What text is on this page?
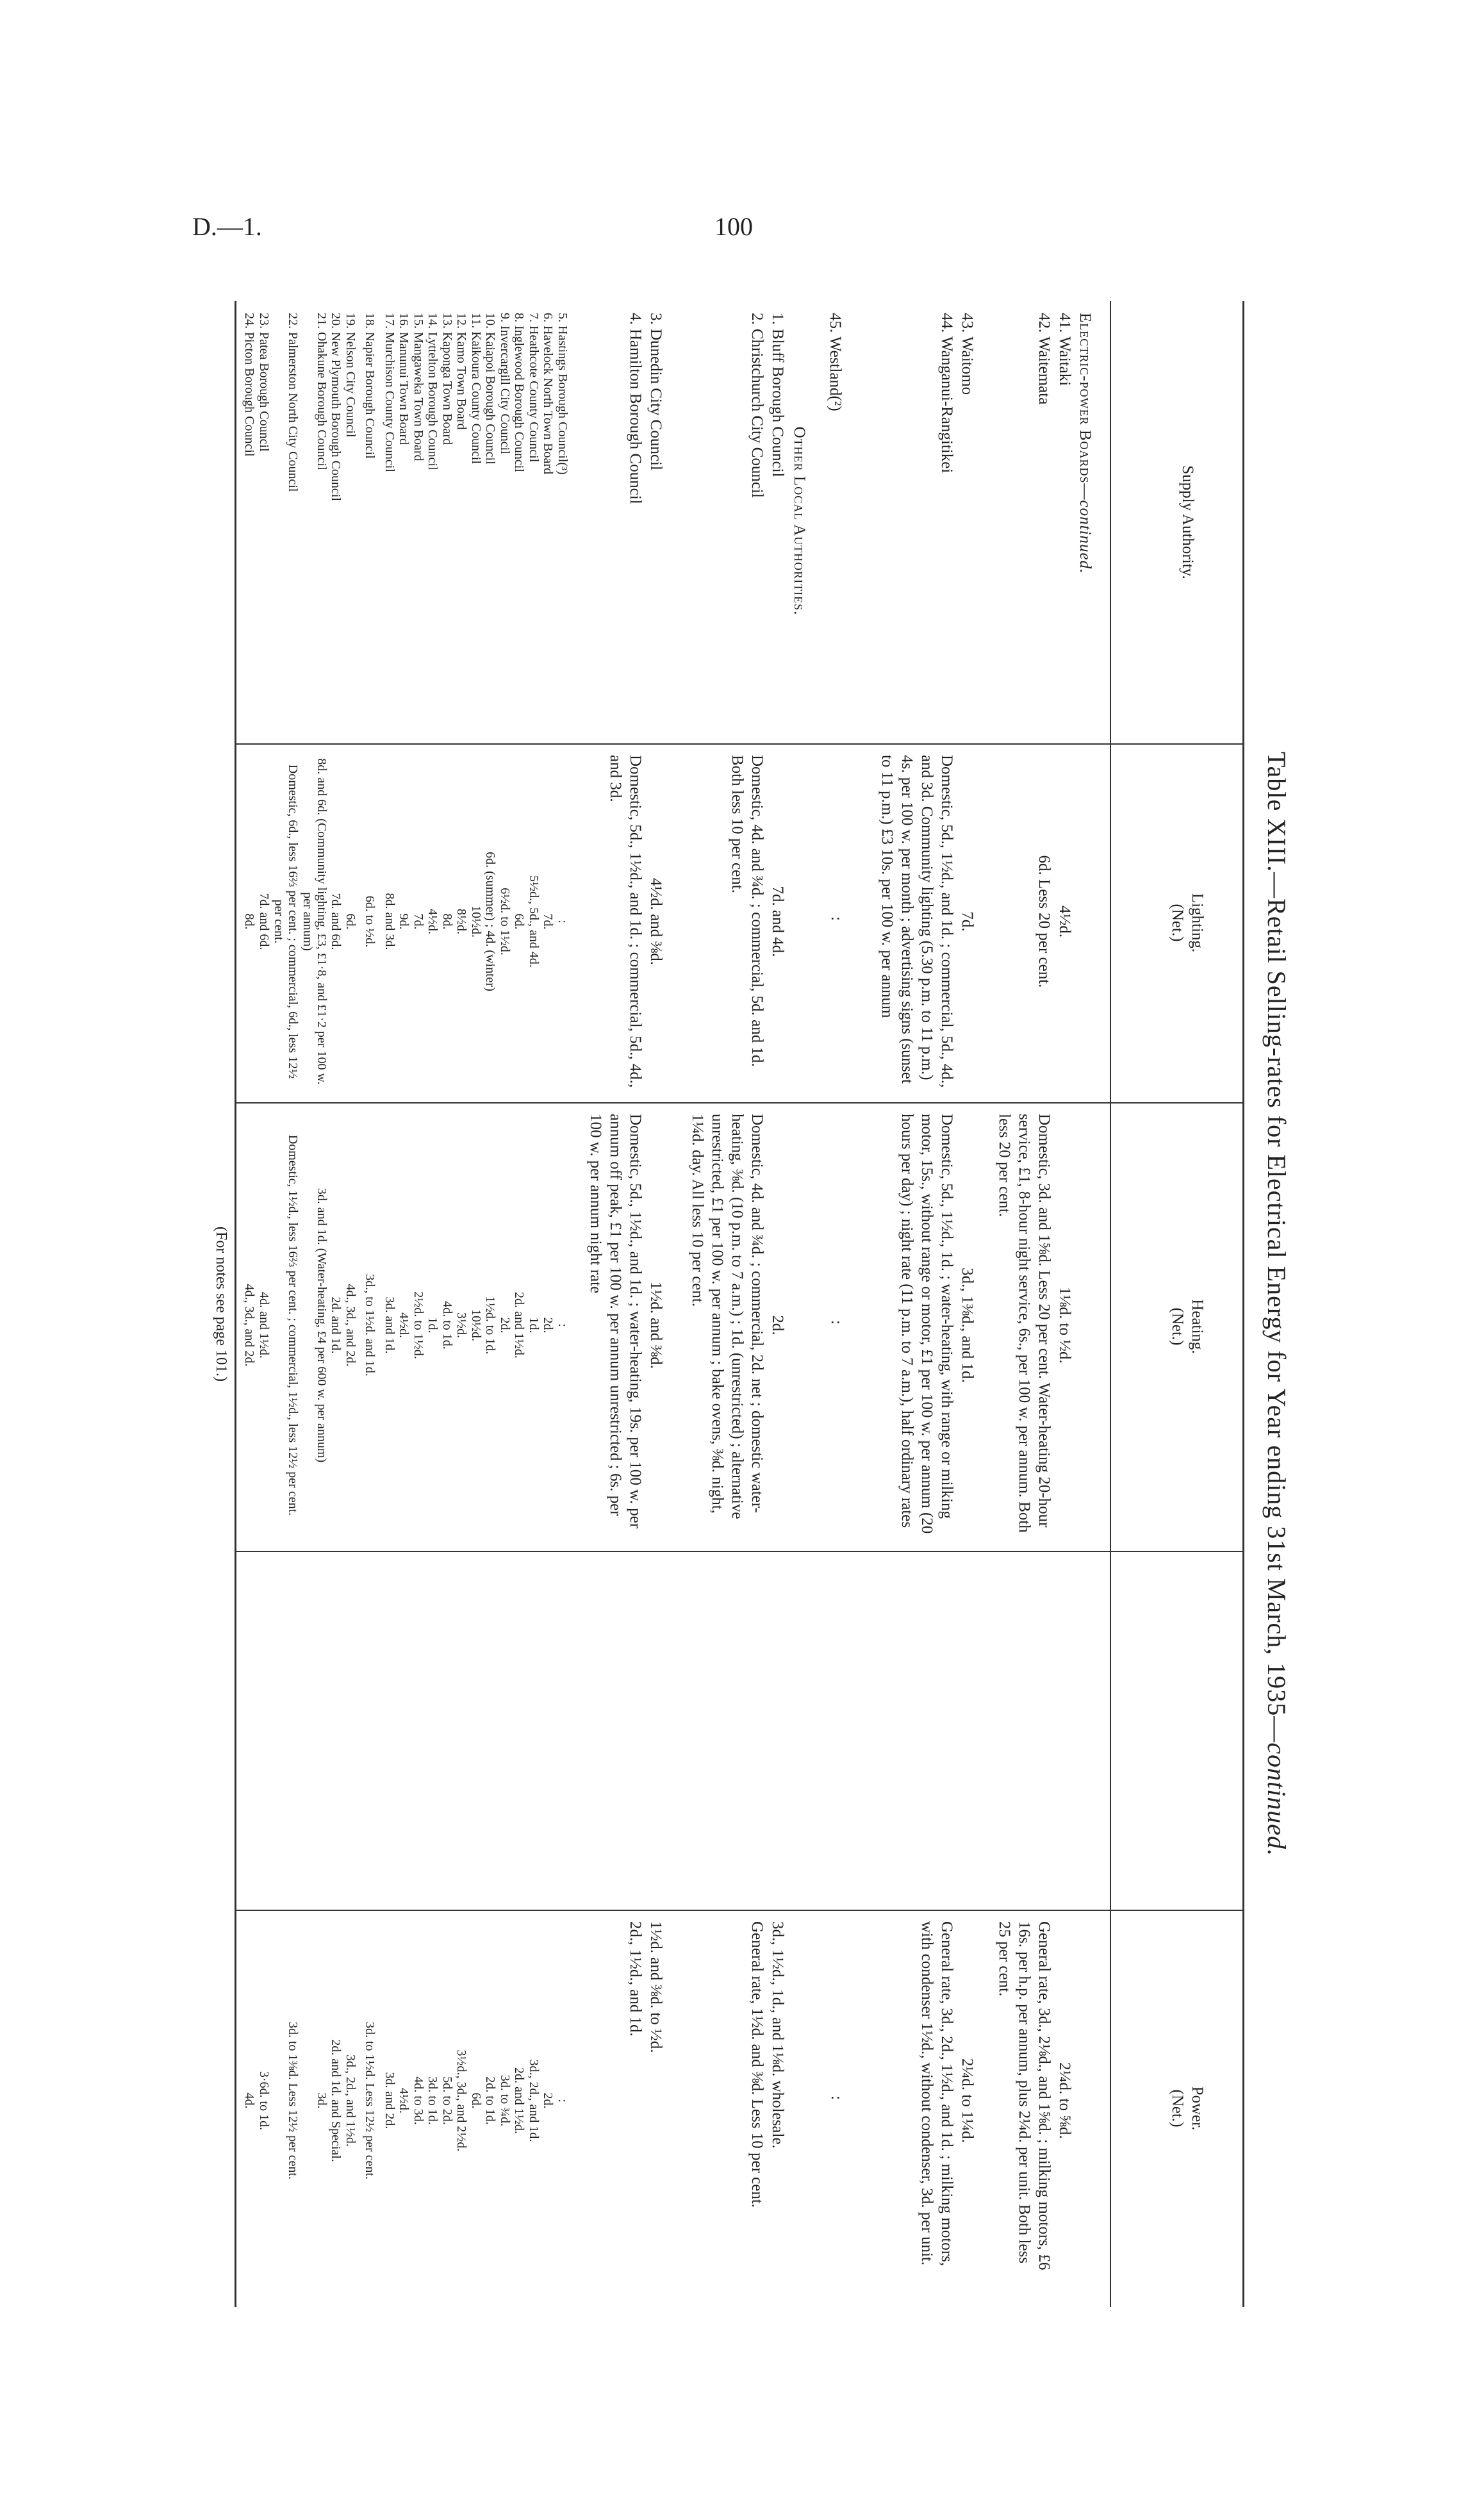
D.—1.	100
Table XIII.—Retail Selling-rates for Electrical Energy for Year ending 31st March, 1935—continued.
Supply Authority.
Lighting.
(Net.)
Heating.
(Net.)
Power.
(Net.)
Electric-power Boards—continued.
41. Waitaki
4½d.
1⅛d. to ½d.
2¼d. to ⅝d.
42. Waitemata
6d. Less 20 per cent.
Domestic, 3d. and 1⅝d. Less 20 per cent. Water-heating 20-hour service, £1, 8-hour night service, 6s., per 100 w. per annum. Both less 20 per cent.
General rate, 3d., 2⅛d., and 1⅝d. ; milking motors, £6 16s. per h.p. per annum, plus 2¼d. per unit. Both less 25 per cent.
43. Waitomo
7d.
3d., 1⅜d., and 1d.
2¼d. to 1¼d.
44. Wanganui-Rangitikei
Domestic, 5d., 1½d., and 1d. ; commercial, 5d., 4d., and 3d. Community lighting (5.30 p.m. to 11 p.m.) 4s. per 100 w. per month ; advertising signs (sunset to 11 p.m.) £3 10s. per 100 w. per annum
Domestic, 5d., 1½d., 1d. ; water-heating, with range or milking motor, 15s., without range or motor, £1 per 100 w. per annum (20 hours per day) ; night rate (11 p.m. to 7 a.m.), half ordinary rates
General rate, 3d., 2d., 1½d., and 1d. ; milking motors, with condenser 1½d., without condenser, 3d. per unit.
45. Westland(²)
:
:
:
Other Local Authorities.
1. Bluff Borough Council
7d. and 4d.
2d.
3d., 1½d., 1d., and 1⅛d. wholesale.
2. Christchurch City Council
Domestic, 4d. and ¾d. ; commercial, 5d. and 1d. Both less 10 per cent.
Domestic, 4d. and ¾d. ; commercial, 2d. net ; domestic water-heating, ⅜d. (10 p.m. to 7 a.m.) ; 1d. (unrestricted) ; alternative unrestricted, £1 per 100 w. per annum ; bake ovens, ⅜d. night, 1¼d. day. All less 10 per cent.
General rate, 1½d. and ⅜d. Less 10 per cent.
3. Dunedin City Council
4½d. and ⅜d.
1½d. and ⅜d.
1½d. and ⅜d. to ½d.
4. Hamilton Borough Council
Domestic, 5d., 1½d., and 1d. ; commercial, 5d., 4d., and 3d.
Domestic, 5d., 1½d., and 1d. ; water-heating, 19s. per 100 w. per annum off peak, £1 per 100 w. per annum unrestricted ; 6s. per 100 w. per annum night rate
2d., 1½d., and 1d.
5. Hastings Borough Council(³)
:
:
:
6. Havelock North Town Board
7d.
2d.
2d.
7. Heathcote County Council
5½d., 5d., and 4d.
1d.
3d., 2d., and 1d.
8. Inglewood Borough Council
6d.
2d. and 1½d.
2d. and 1½d.
9. Invercargill City Council
6½d. to 1½d.
2d.
3d. to ¾d.
10. Kaiapoi Borough Council
6d. (summer) ; 4d. (winter)
1½d. to 1d.
2d. to 1d.
11. Kaikoura County Council
10½d.
10½d.
6d.
12. Kamo Town Board
8½d.
3½d.
3½d., 3d., and 2½d.
13. Kaponga Town Board
8d.
4d. to 1d.
5d. to 2d.
14. Lyttelton Borough Council
4½d.
1d.
3d. to 1d.
15. Mangaweka Town Board
7d.
2½d. to 1½d.
4d. to 3d.
16. Manunui Town Board
9d.
4½d.
4½d.
17. Murchison County Council
8d. and 3d.
3d. and 1d.
3d. and 2d.
18. Napier Borough Council
6d. to ½d.
3d., to 1½d. and 1d.
3d. to 1½d. Less 12½ per cent.
19. Nelson City Council
6d.
4d., 3d., and 2d.
3d., 2d., and 1½d.
20. New Plymouth Borough Council
7d. and 6d.
2d. and 1d.
2d. and 1d. and Special.
21. Ohakune Borough Council
8d. and 6d. (Community lighting, £3, £1·8, and £1·2 per 100 w. per annum)
3d. and 1d. (Water-heating, £4 per 600 w. per annum)
3d.
22. Palmerston North City Council
Domestic, 6d., less 16⅔ per cent. ; commercial, 6d., less 12½ per cent.
Domestic, 1½d., less 16⅔ per cent. ; commercial, 1½d., less 12½ per cent.
3d. to 1⅜d. Less 12½ per cent.
23. Patea Borough Council
7d. and 6d.
4d. and 1½d.
3·6d. to 1d.
24. Picton Borough Council
8d.
4d., 3d., and 2d.
4d.
(For notes see page 101.)
